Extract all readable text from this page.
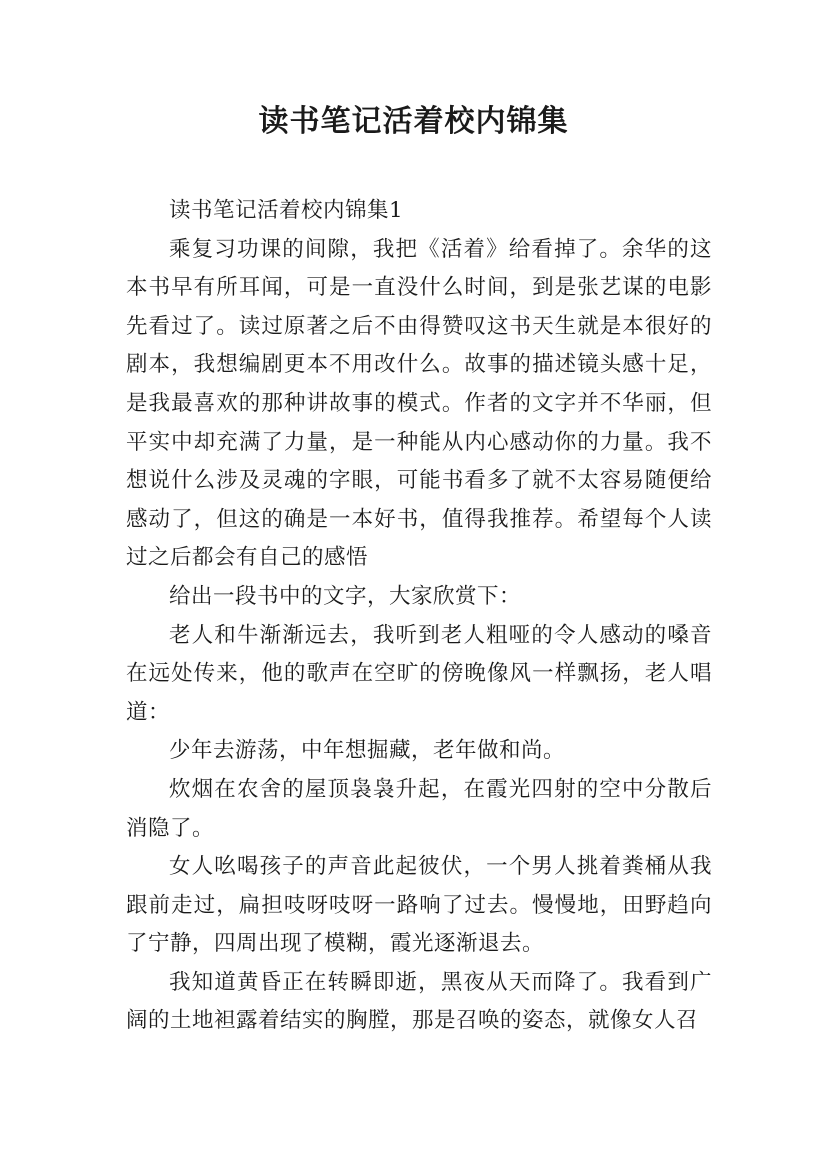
读书笔记活着校内锦集

读书笔记活着校内锦集1

乘复习功课的间隙，我把《活着》给看掉了。余华的这本书早有所耳闻，可是一直没什么时间，到是张艺谋的电影先看过了。读过原著之后不由得赞叹这书天生就是本很好的剧本，我想编剧更本不用改什么。故事的描述镜头感十足，是我最喜欢的那种讲故事的模式。作者的文字并不华丽，但平实中却充满了力量，是一种能从内心感动你的力量。我不想说什么涉及灵魂的字眼，可能书看多了就不太容易随便给感动了，但这的确是一本好书，值得我推荐。希望每个人读过之后都会有自己的感悟

给出一段书中的文字，大家欣赏下：

老人和牛渐渐远去，我听到老人粗哑的令人感动的嗓音在远处传来，他的歌声在空旷的傍晚像风一样飘扬，老人唱道：

少年去游荡，中年想掘藏，老年做和尚。

炊烟在农舍的屋顶袅袅升起，在霞光四射的空中分散后消隐了。

女人吆喝孩子的声音此起彼伏，一个男人挑着粪桶从我跟前走过，扁担吱呀吱呀一路响了过去。慢慢地，田野趋向了宁静，四周出现了模糊，霞光逐渐退去。

我知道黄昏正在转瞬即逝，黑夜从天而降了。我看到广阔的土地袒露着结实的胸膛，那是召唤的姿态，就像女人召
